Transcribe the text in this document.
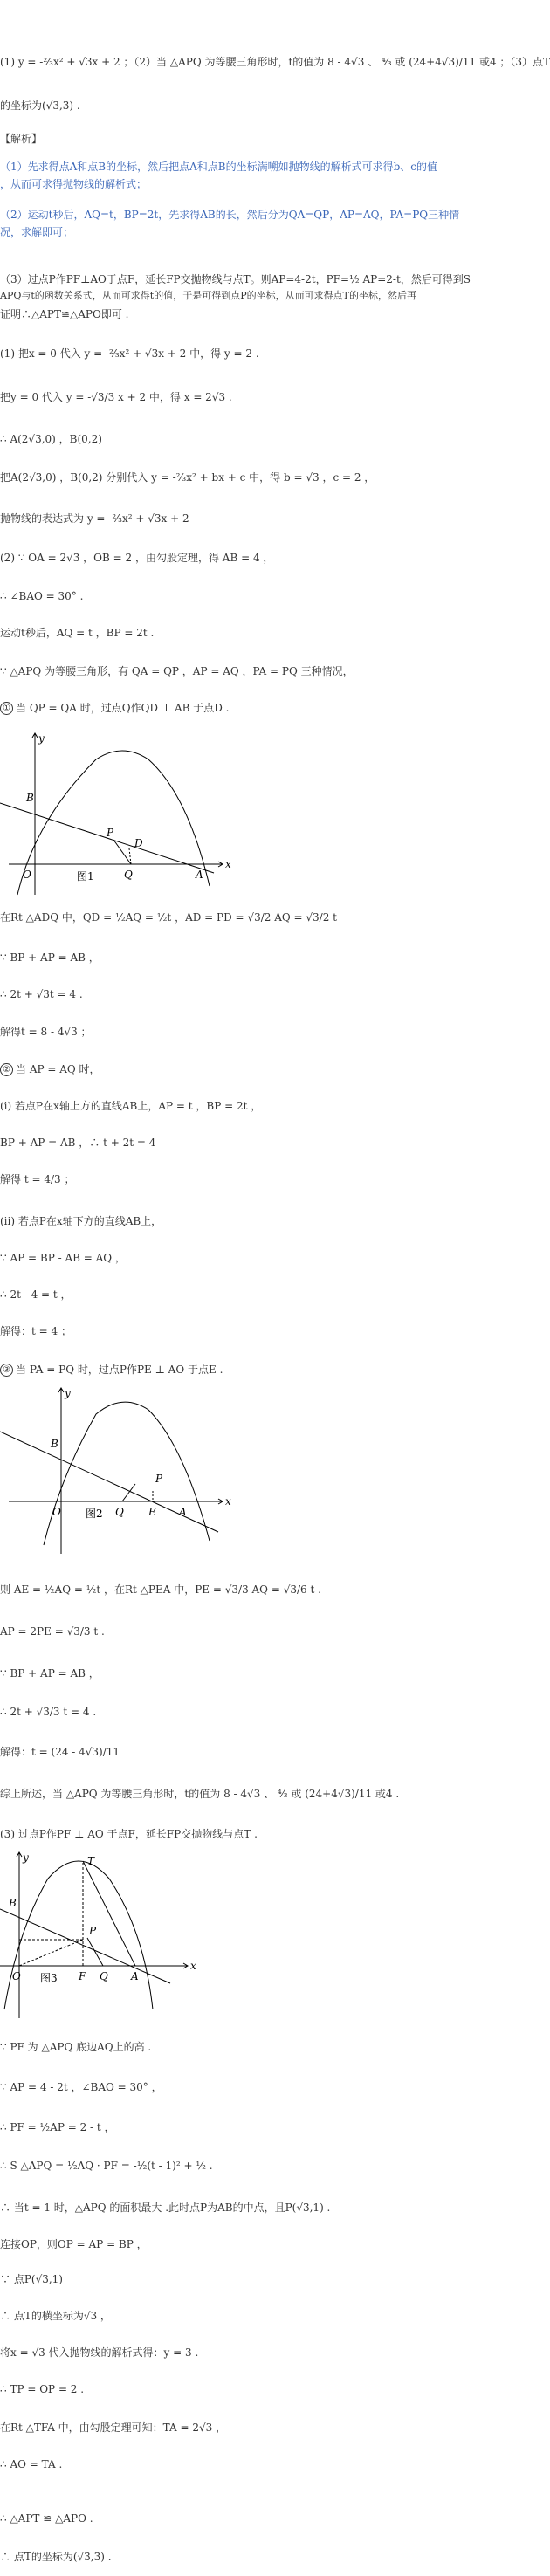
(1) y = -²⁄₃x² + √3x + 2 ；（2）当 △APQ 为等腰三角形时，t的值为 8 - 4√3 、 ⁴⁄₃ 或 (24+4√3)/11 或4 ；（3）点T
的坐标为(√3,3) .
【解析】
（1）先求得点A和点B的坐标，然后把点A和点B的坐标满嗍如抛物线的解析式可求得b、c的值
，从而可求得抛物线的解析式；
（2）运动t秒后，AQ=t，BP=2t，先求得AB的长，然后分为QA=QP，AP=AQ，PA=PQ三种情
况，求解即可；
（3）过点P作PF⊥AO于点F，延长FP交抛物线与点T。则AP=4-2t，PF=½ AP=2-t，然后可得到S
APQ与t的函数关系式，从而可求得t的值，于是可得到点P的坐标，从而可求得点T的坐标，然后再
证明∴△APT≌△APO即可 .
(1) 把x = 0 代入 y = -²⁄₃x² + √3x + 2 中，得 y = 2 .
把y = 0 代入 y = -√3/3 x + 2 中，得 x = 2√3 .
∴ A(2√3,0) ，B(0,2)
把A(2√3,0) ，B(0,2) 分别代入 y = -²⁄₃x² + bx + c 中，得 b = √3 ，c = 2 ，
抛物线的表达式为 y = -²⁄₃x² + √3x + 2
(2) ∵ OA = 2√3 ，OB = 2 ，由勾股定理，得 AB = 4 ，
∴ ∠BAO = 30° .
运动t秒后，AQ = t ，BP = 2t .
∵ △APQ 为等腰三角形，有 QA = QP ，AP = AQ ，PA = PQ 三种情况，
① 当 QP = QA 时，过点Q作QD ⊥ AB 于点D .
在Rt △ADQ 中，QD = ½AQ = ½t ，AD = PD = √3/2 AQ = √3/2 t
∵ BP + AP = AB ，
∴ 2t + √3t = 4 .
解得t = 8 - 4√3 ；
② 当 AP = AQ 时，
(i) 若点P在x轴上方的直线AB上，AP = t ，BP = 2t ，
BP + AP = AB ，∴ t + 2t = 4
解得 t = 4/3 ；
(ii) 若点P在x轴下方的直线AB上，
∵ AP = BP - AB = AQ ，
∴ 2t - 4 = t ，
解得：t = 4 ；
③ 当 PA = PQ 时，过点P作PE ⊥ AO 于点E .
则 AE = ½AQ = ½t ，在Rt △PEA 中，PE = √3/3 AQ = √3/6 t .
AP = 2PE = √3/3 t .
∵ BP + AP = AB ，
∴ 2t + √3/3 t = 4 .
解得：t = (24 - 4√3)/11
综上所述，当 △APQ 为等腰三角形时，t的值为 8 - 4√3 、 ⁴⁄₃ 或 (24+4√3)/11 或4 .
(3) 过点P作PF ⊥ AO 于点F，延长FP交抛物线与点T .
∵ PF 为 △APQ 底边AQ上的高 .
∵ AP = 4 - 2t ，∠BAO = 30° ，
∴ PF = ½AP = 2 - t ，
∴ S △APQ = ½AQ · PF = -½(t - 1)² + ½ .
∴ 当t = 1 时，△APQ 的面积最大 .此时点P为AB的中点，且P(√3,1) .
连接OP，则OP = AP = BP ，
∵ 点P(√3,1)
∴ 点T的横坐标为√3 ，
将x = √3 代入抛物线的解析式得：y = 3 .
∴ TP = OP = 2 .
在Rt △TFA 中，由勾股定理可知：TA = 2√3 ，
∴ AO = TA .
∴ △APT ≌ △APO .
∴ 点T的坐标为(√3,3) .
y
x
B
P
D
O	Q	A
图1
y
x
B
P
O	Q E A
图2
y
x
T
B
P
O	F Q A
图3
